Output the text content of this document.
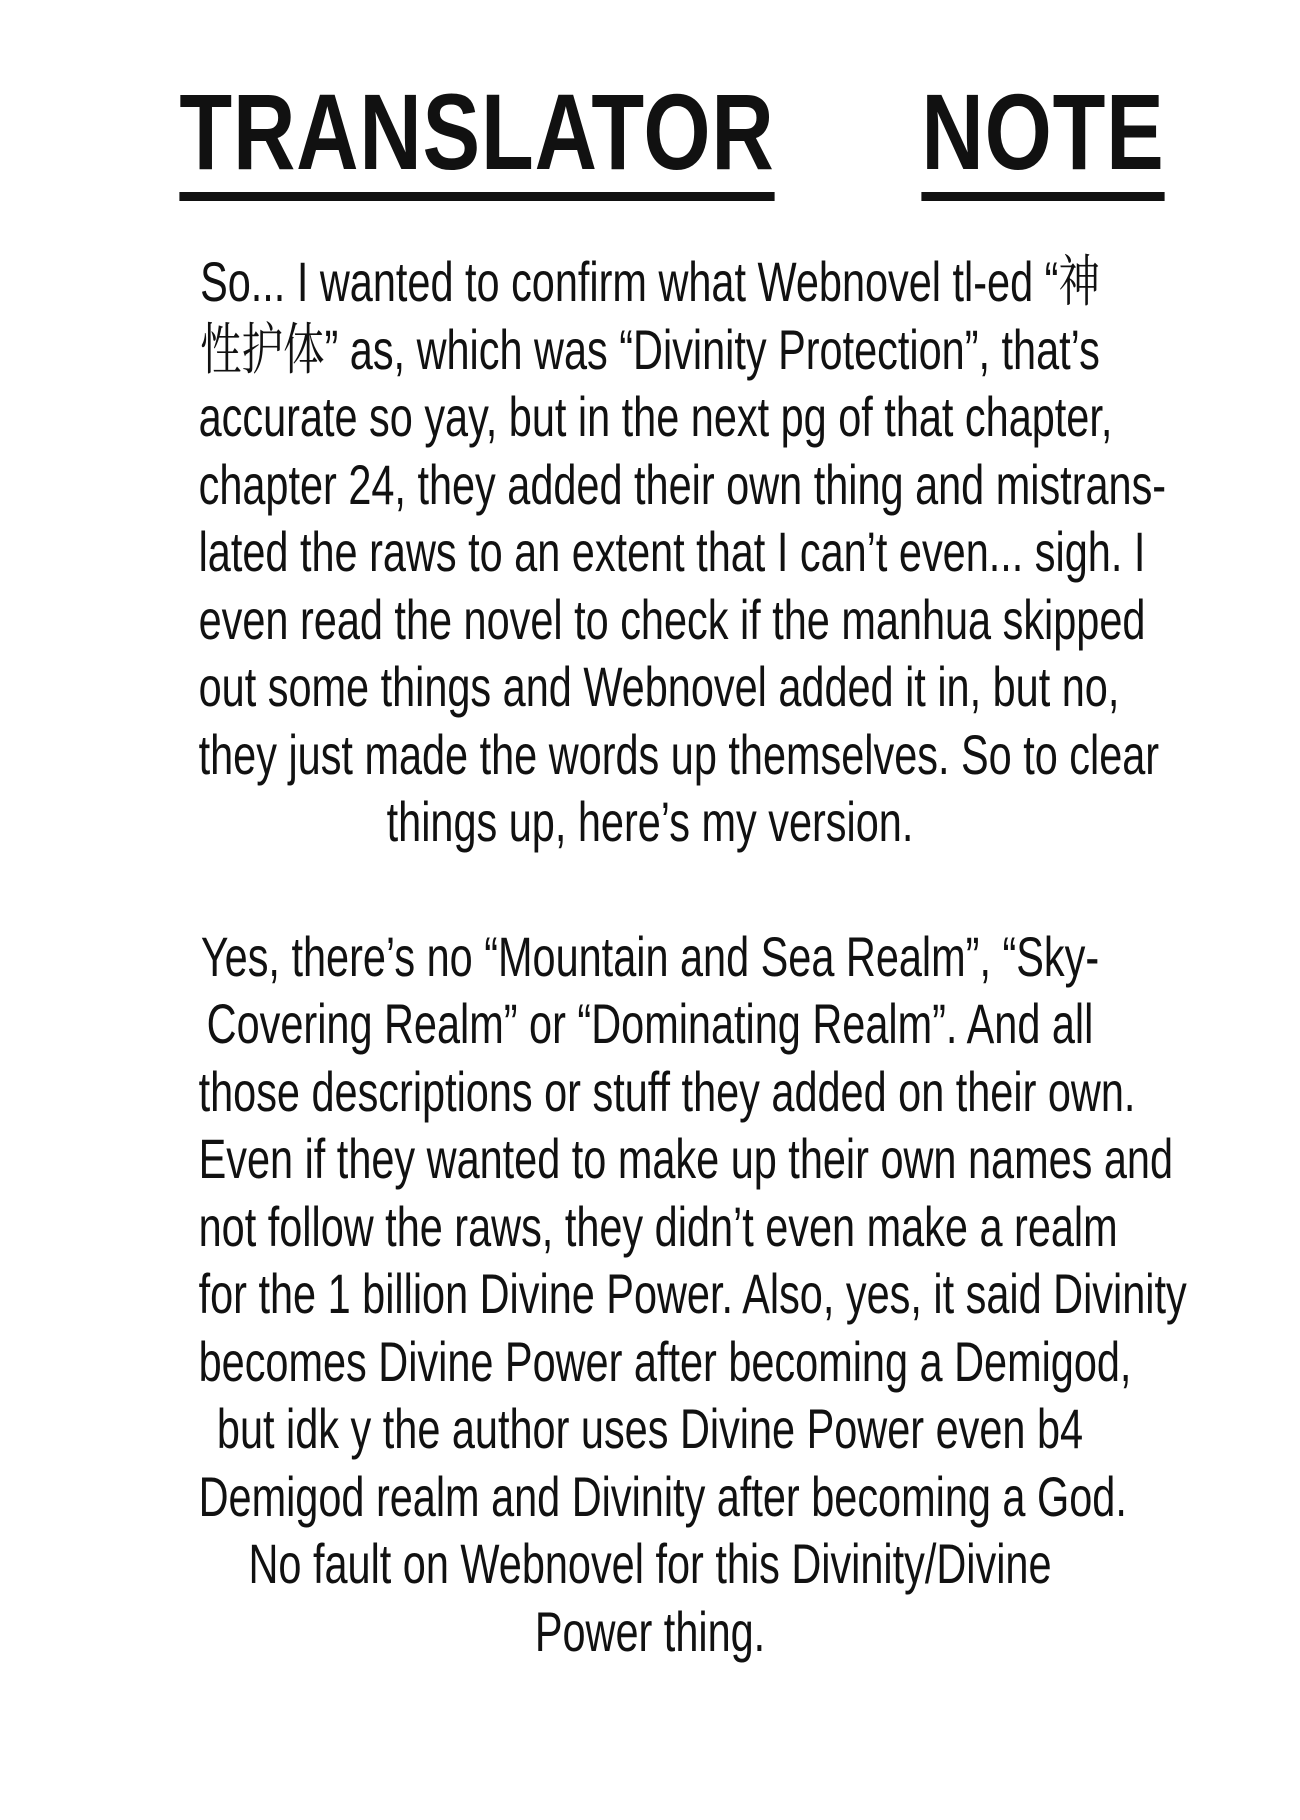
TRANSLATOR NOTE

So... I wanted to confirm what Webnovel tl-ed “神
性护体” as, which was “Divinity Protection”, that’s
accurate so yay, but in the next pg of that chapter,
chapter 24, they added their own thing and mistrans-
lated the raws to an extent that I can’t even... sigh. I
even read the novel to check if the manhua skipped
out some things and Webnovel added it in, but no,
they just made the words up themselves. So to clear
things up, here’s my version.

Yes, there’s no “Mountain and Sea Realm”, “Sky-
Covering Realm” or “Dominating Realm”. And all
those descriptions or stuff they added on their own.
Even if they wanted to make up their own names and
not follow the raws, they didn’t even make a realm
for the 1 billion Divine Power. Also, yes, it said Divinity
becomes Divine Power after becoming a Demigod,
but idk y the author uses Divine Power even b4
Demigod realm and Divinity after becoming a God.
No fault on Webnovel for this Divinity/Divine
Power thing.
